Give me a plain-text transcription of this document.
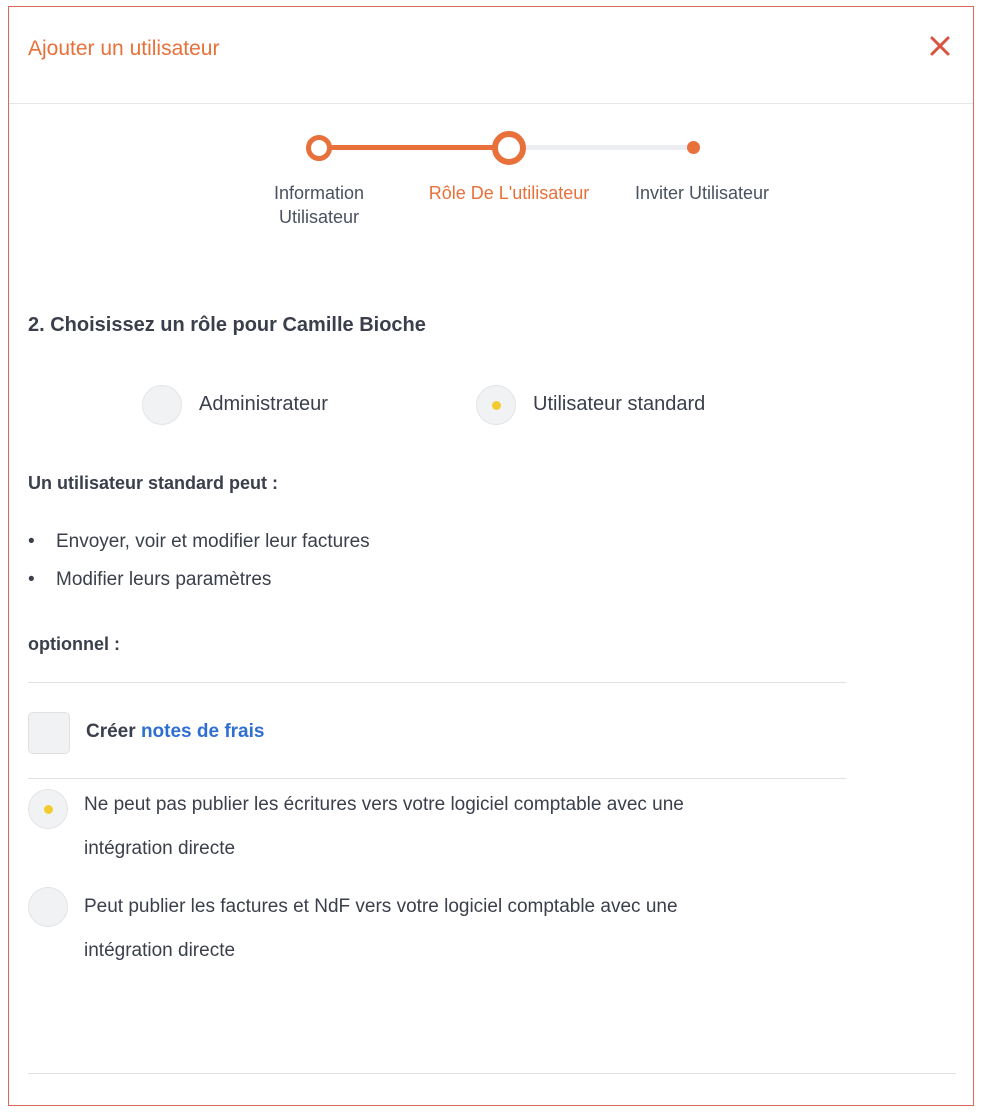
Ajouter un utilisateur
Information
Utilisateur
Rôle De L'utilisateur	Inviter Utilisateur
2. Choisissez un rôle pour Camille Bioche
Administrateur	Utilisateur standard
Un utilisateur standard peut :
•	Envoyer, voir et modifier leur factures
•	Modifier leurs paramètres
optionnel :
Créer notes de frais
Ne peut pas publier les écritures vers votre logiciel comptable avec une
intégration directe
Peut publier les factures et NdF vers votre logiciel comptable avec une
intégration directe
